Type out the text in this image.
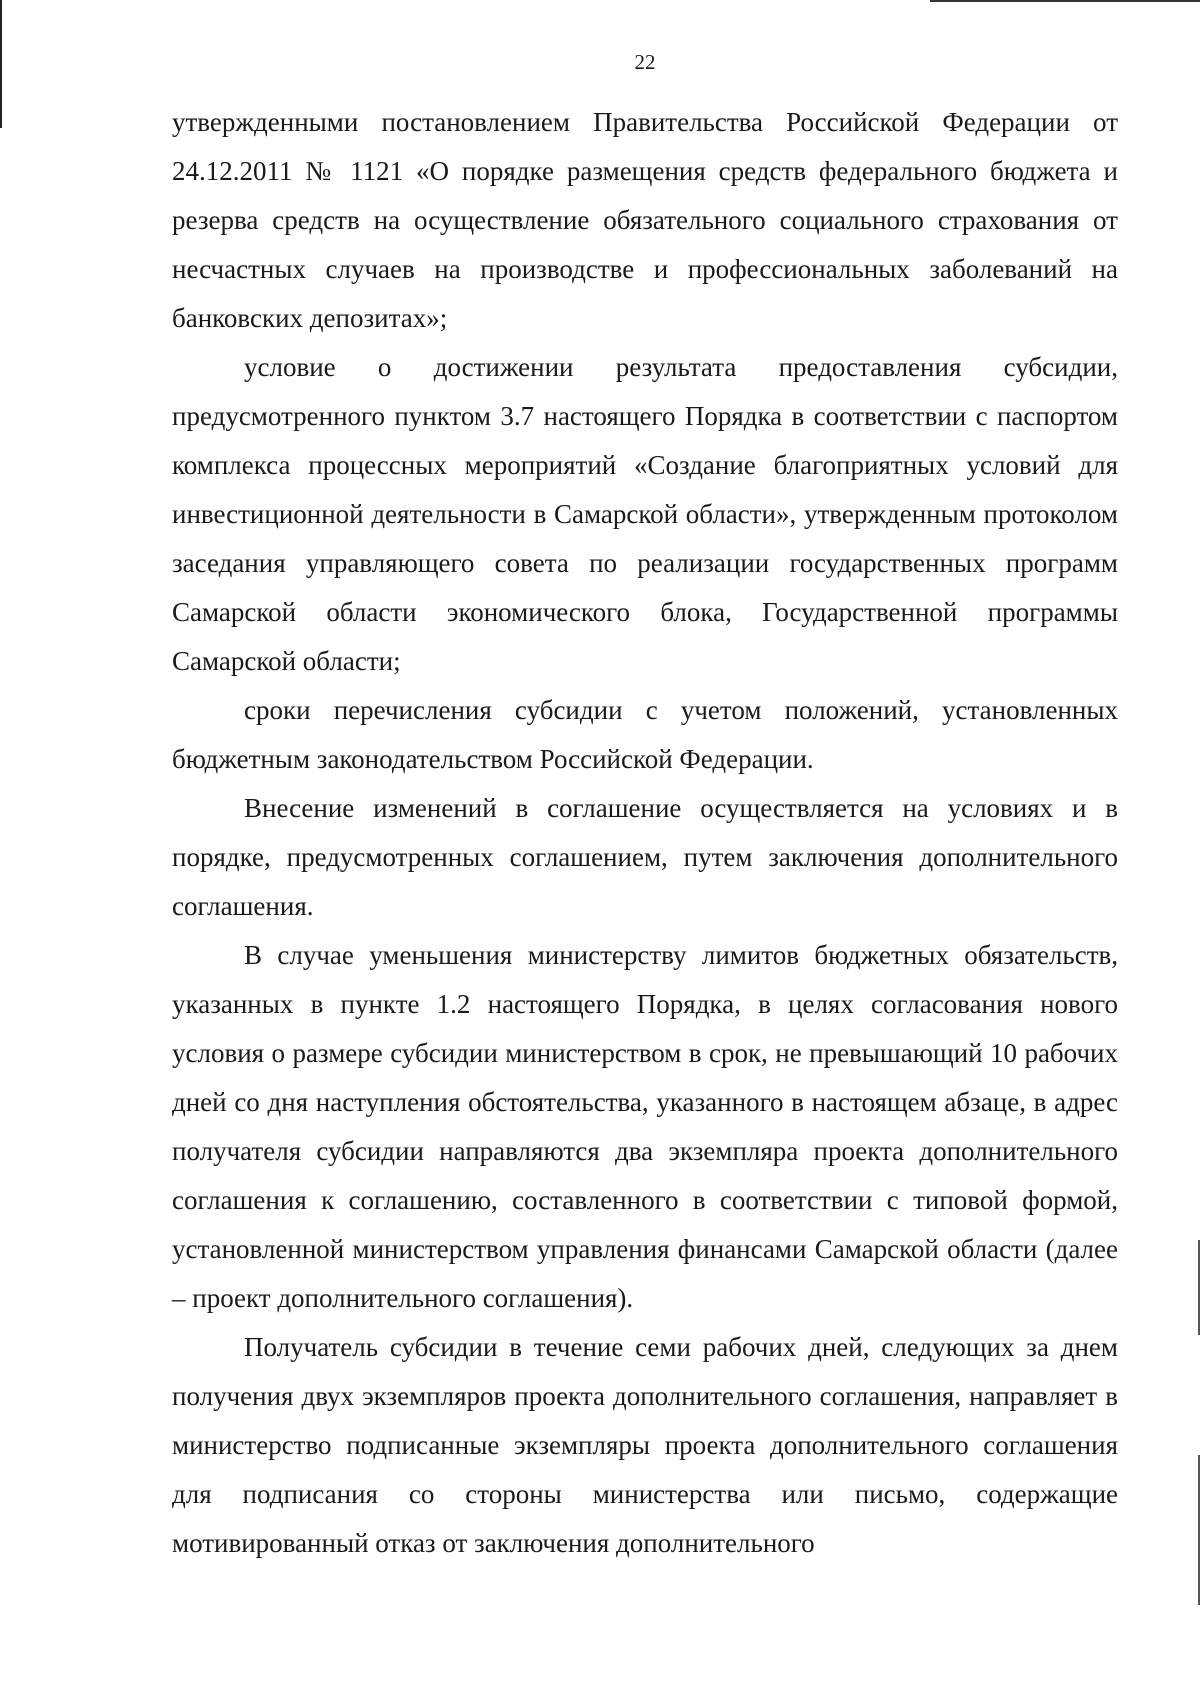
22

утвержденными постановлением Правительства Российской Федерации от 24.12.2011 № 1121 «О порядке размещения средств федерального бюджета и резерва средств на осуществление обязательного социального страхования от несчастных случаев на производстве и профессиональных заболеваний на банковских депозитах»;

условие о достижении результата предоставления субсидии, предусмотренного пунктом 3.7 настоящего Порядка в соответствии с паспортом комплекса процессных мероприятий «Создание благоприятных условий для инвестиционной деятельности в Самарской области», утвержденным протоколом заседания управляющего совета по реализации государственных программ Самарской области экономического блока, Государственной программы Самарской области;

сроки перечисления субсидии с учетом положений, установленных бюджетным законодательством Российской Федерации.

Внесение изменений в соглашение осуществляется на условиях и в порядке, предусмотренных соглашением, путем заключения дополнительного соглашения.

В случае уменьшения министерству лимитов бюджетных обязательств, указанных в пункте 1.2 настоящего Порядка, в целях согласования нового условия о размере субсидии министерством в срок, не превышающий 10 рабочих дней со дня наступления обстоятельства, указанного в настоящем абзаце, в адрес получателя субсидии направляются два экземпляра проекта дополнительного соглашения к соглашению, составленного в соответствии с типовой формой, установленной министерством управления финансами Самарской области (далее – проект дополнительного соглашения).

Получатель субсидии в течение семи рабочих дней, следующих за днем получения двух экземпляров проекта дополнительного соглашения, направляет в министерство подписанные экземпляры проекта дополнительного соглашения для подписания со стороны министерства или письмо, содержащие мотивированный отказ от заключения дополнительного
